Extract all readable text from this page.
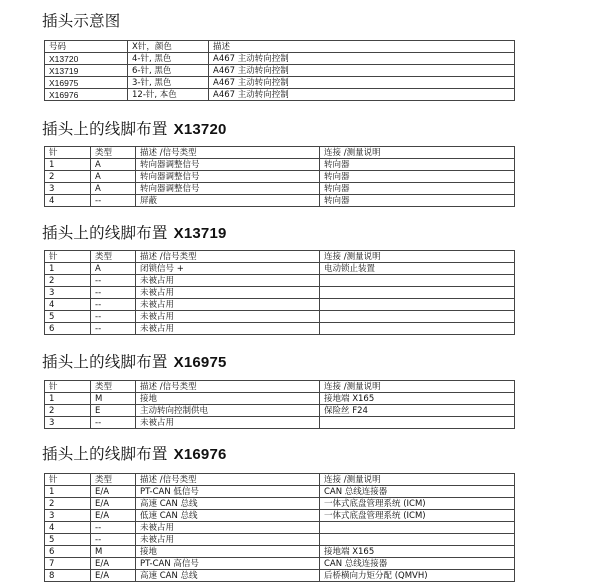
插头示意图
号码	X针，颜色	描述
X13720	4-针, 黑色	A467 主动转向控制
X13719	6-针, 黑色	A467 主动转向控制
X16975	3-针, 黑色	A467 主动转向控制
X16976	12-针, 本色	A467 主动转向控制
插头上的线脚布置 X13720
针	类型	描述 /信号类型	连接 /测量说明
1	A	转向器调整信号	转向器
2	A	转向器调整信号	转向器
3	A	转向器调整信号	转向器
4	--	屏蔽	转向器
插头上的线脚布置 X13719
针	类型	描述 /信号类型	连接 /测量说明
1	A	闭锁信号 +	电动锁止装置
2	--	未被占用	
3	--	未被占用	
4	--	未被占用	
5	--	未被占用	
6	--	未被占用	
插头上的线脚布置 X16975
针	类型	描述 /信号类型	连接 /测量说明
1	M	接地	接地端 X165
2	E	主动转向控制供电	保险丝 F24
3	--	未被占用	
插头上的线脚布置 X16976
针	类型	描述 /信号类型	连接 /测量说明
1	E/A	PT-CAN 低信号	CAN 总线连接器
2	E/A	高速 CAN 总线	一体式底盘管理系统 (ICM)
3	E/A	低速 CAN 总线	一体式底盘管理系统 (ICM)
4	--	未被占用	
5	--	未被占用	
6	M	接地	接地端 X165
7	E/A	PT-CAN 高信号	CAN 总线连接器
8	E/A	高速 CAN 总线	后桥横向力矩分配 (QMVH)
